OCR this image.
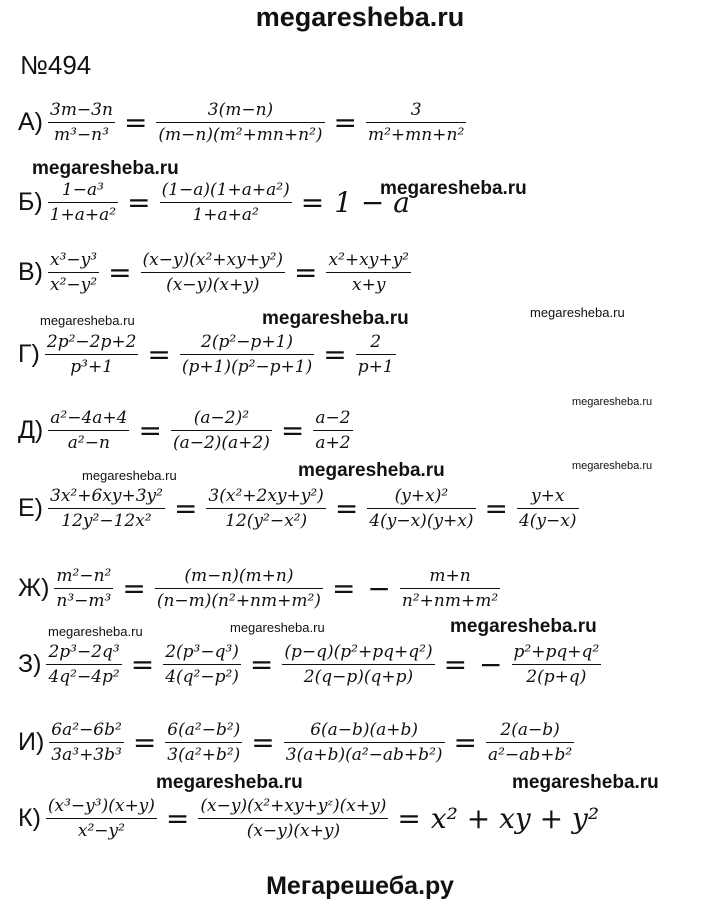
megaresheba.ru
№494
$А) \frac{3m-3n}{\text{m³−n³}} = \frac{3(m-n)}{\text{(m−n)(m²+mn+n²)}} = \frac{3}{\text{m²+mn+n²}}$
megaresheba.ru
$Б) \frac{\text{1−a³}}{\text{1+a+a²}} = \frac{\text{(1−a)(1+a+a²)}}{\text{1+a+a²}} = 1 - a$
megaresheba.ru
$В) \frac{\text{x³−y³}}{\text{x²−y²}} = \frac{\text{(x−y)(x²+xy+y²)}}{(x-y)(x+y)} = \frac{\text{x²+xy+y²}}{x+y}$
megaresheba.ru	megaresheba.ru	megaresheba.ru
$Г) \frac{\text{2p²−2p+2}}{\text{p³+1}} = \frac{\text{2(p²−p+1)}}{\text{(p+1)(p²−p+1)}} = \frac{2}{p+1}$
megaresheba.ru
$Д) \frac{\text{a²−4a+4}}{\text{a²−n}} = \frac{\text{(a−2)²}}{(a-2)(a+2)} = \frac{a-2}{a+2}$
megaresheba.ru	megaresheba.ru	megaresheba.ru
$Е) \frac{\text{3x²+6xy+3y²}}{\text{12y²−12x²}} = \frac{\text{3(x²+2xy+y²)}}{\text{12(y²−x²)}} = \frac{\text{(y+x)²}}{4(y-x)(y+x)} = \frac{y+x}{4(y-x)}$
$Ж) \frac{\text{m²−n²}}{\text{n³−m³}} = \frac{(m-n)(m+n)}{\text{(n−m)(n²+nm+m²)}}$ = − $\frac{m+n}{\text{n²+nm+m²}}$
megaresheba.ru	megaresheba.ru	megaresheba.ru
$З) \frac{\text{2p³−2q³}}{\text{4q²−4p²}} = \frac{\text{2(p³−q³)}}{\text{4(q²−p²)}} = \frac{\text{(p−q)(p²+pq+q²)}}{2(q-p)(q+p)}$ = − $\frac{\text{p²+pq+q²}}{2(p+q)}$
$И) \frac{\text{6a²−6b²}}{\text{3a³+3b³}} = \frac{\text{6(a²−b²)}}{\text{3(a²+b²)}} = \frac{6(a-b)(a+b)}{\text{3(a+b)(a²−ab+b²)}} = \frac{2(a-b)}{\text{a²−ab+b²}}$
megaresheba.ru	megaresheba.ru
$К) \frac{\text{(x³−y³)(x+y)}}{\text{x²−y²}} = \frac{\text{(x−y)(x²+xy+yᶻ)(x+y)}}{(x-y)(x+y)} = x^2$ + xy + y²
Мегарешеба.ру
megaresheba.ru
